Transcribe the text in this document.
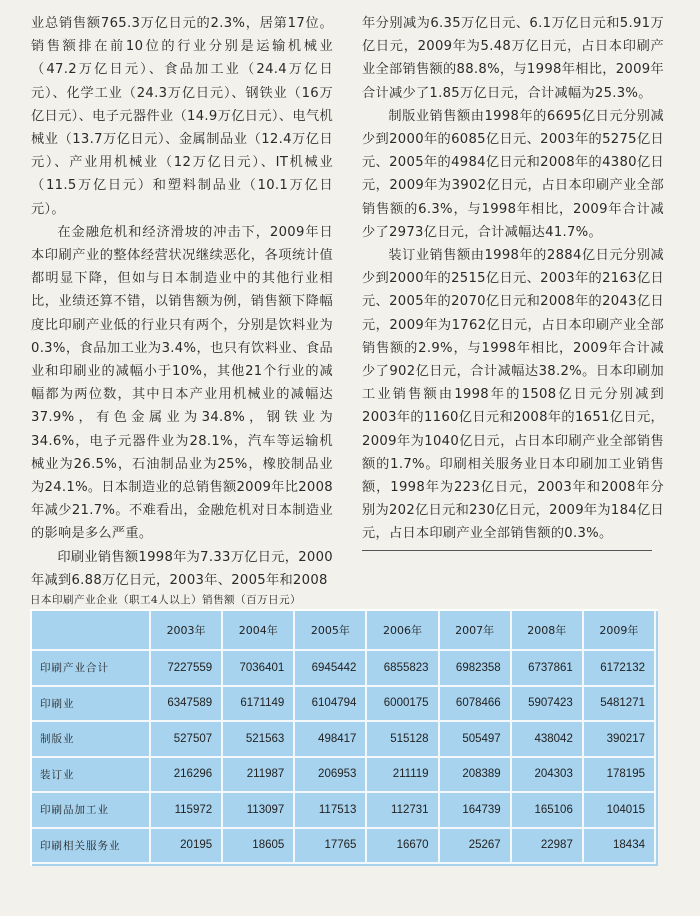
业总销售额765.3万亿日元的2.3%，居第17位。销售额排在前10位的行业分别是运输机械业（47.2万亿日元）、食品加工业（24.4万亿日元）、化学工业（24.3万亿日元）、钢铁业（16万亿日元）、电子元器件业（14.9万亿日元）、电气机械业（13.7万亿日元）、金属制品业（12.4万亿日元）、产业用机械业（12万亿日元）、IT机械业（11.5万亿日元）和塑料制品业（10.1万亿日元）。

在金融危机和经济滑坡的冲击下，2009年日本印刷产业的整体经营状况继续恶化，各项统计值都明显下降，但如与日本制造业中的其他行业相比，业绩还算不错，以销售额为例，销售额下降幅度比印刷产业低的行业只有两个，分别是饮料业为0.3%，食品加工业为3.4%，也只有饮料业、食品业和印刷业的减幅小于10%，其他21个行业的减幅都为两位数，其中日本产业用机械业的减幅达37.9%，有色金属业为34.8%，钢铁业为34.6%，电子元器件业为28.1%，汽车等运输机械业为26.5%，石油制品业为25%，橡胶制品业为24.1%。日本制造业的总销售额2009年比2008年减少21.7%。不难看出，金融危机对日本制造业的影响是多么严重。

印刷业销售额1998年为7.33万亿日元，2000年减到6.88万亿日元，2003年、2005年和2008

年分别减为6.35万亿日元、6.1万亿日元和5.91万亿日元，2009年为5.48万亿日元，占日本印刷产业全部销售额的88.8%，与1998年相比，2009年合计减少了1.85万亿日元，合计减幅为25.3%。

制版业销售额由1998年的6695亿日元分别减少到2000年的6085亿日元、2003年的5275亿日元、2005年的4984亿日元和2008年的4380亿日元，2009年为3902亿日元，占日本印刷产业全部销售额的6.3%，与1998年相比，2009年合计减少了2973亿日元，合计减幅达41.7%。

装订业销售额由1998年的2884亿日元分别减少到2000年的2515亿日元、2003年的2163亿日元、2005年的2070亿日元和2008年的2043亿日元，2009年为1762亿日元，占日本印刷产业全部销售额的2.9%，与1998年相比，2009年合计减少了902亿日元，合计减幅达38.2%。日本印刷加工业销售额由1998年的1508亿日元分别减到2003年的1160亿日元和2008年的1651亿日元，2009年为1040亿日元，占日本印刷产业全部销售额的1.7%。印刷相关服务业日本印刷加工业销售额，1998年为223亿日元，2003年和2008年分别为202亿日元和230亿日元，2009年为184亿日元，占日本印刷产业全部销售额的0.3%。

日本印刷产业企业（职工4人以上）销售额（百万日元）
	2003年	2004年	2005年	2006年	2007年	2008年	2009年
印刷产业合计	7227559	7036401	6945442	6855823	6982358	6737861	6172132
印刷业	6347589	6171149	6104794	6000175	6078466	5907423	5481271
制版业	527507	521563	498417	515128	505497	438042	390217
装订业	216296	211987	206953	211119	208389	204303	178195
印刷品加工业	115972	113097	117513	112731	164739	165106	104015
印刷相关服务业	20195	18605	17765	16670	25267	22987	18434
